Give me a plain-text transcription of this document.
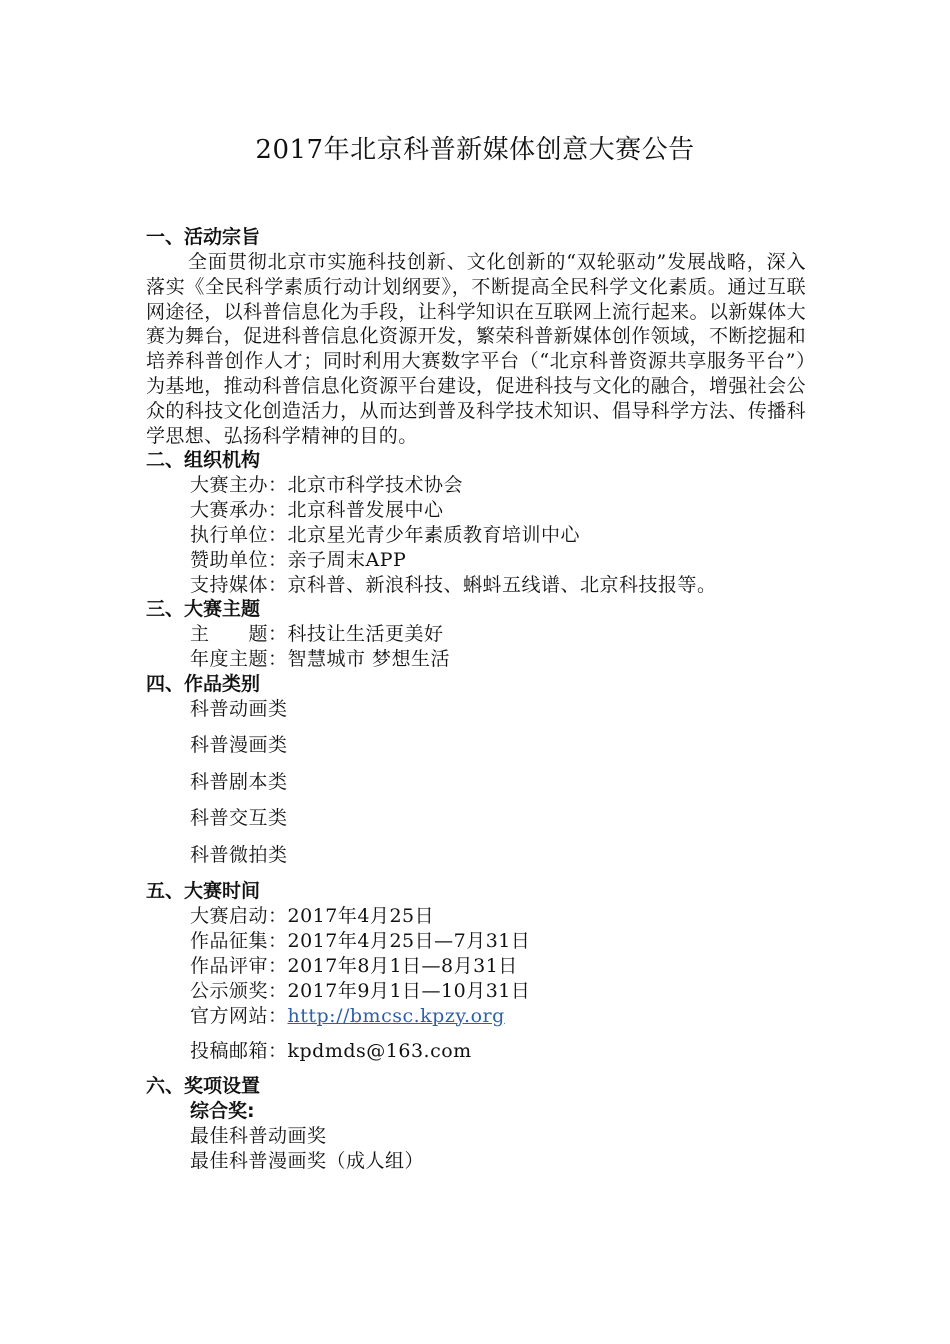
2017年北京科普新媒体创意大赛公告
一、活动宗旨
全面贯彻北京市实施科技创新、文化创新的“双轮驱动”发展战略，深入落实《全民科学素质行动计划纲要》，不断提高全民科学文化素质。通过互联网途径，以科普信息化为手段，让科学知识在互联网上流行起来。以新媒体大赛为舞台，促进科普信息化资源开发，繁荣科普新媒体创作领域，不断挖掘和培养科普创作人才；同时利用大赛数字平台（“北京科普资源共享服务平台”）为基地，推动科普信息化资源平台建设，促进科技与文化的融合，增强社会公众的科技文化创造活力，从而达到普及科学技术知识、倡导科学方法、传播科学思想、弘扬科学精神的目的。
二、组织机构
大赛主办：北京市科学技术协会
大赛承办：北京科普发展中心
执行单位：北京星光青少年素质教育培训中心
赞助单位：亲子周末APP
支持媒体：京科普、新浪科技、蝌蚪五线谱、北京科技报等。
三、大赛主题
主　　题：科技让生活更美好
年度主题：智慧城市 梦想生活
四、作品类别
科普动画类
科普漫画类
科普剧本类
科普交互类
科普微拍类
五、大赛时间
大赛启动：2017年4月25日
作品征集：2017年4月25日—7月31日
作品评审：2017年8月1日—8月31日
公示颁奖：2017年9月1日—10月31日
官方网站：http://bmcsc.kpzy.org
投稿邮箱：kpdmds@163.com
六、奖项设置
综合奖:
最佳科普动画奖
最佳科普漫画奖（成人组）
